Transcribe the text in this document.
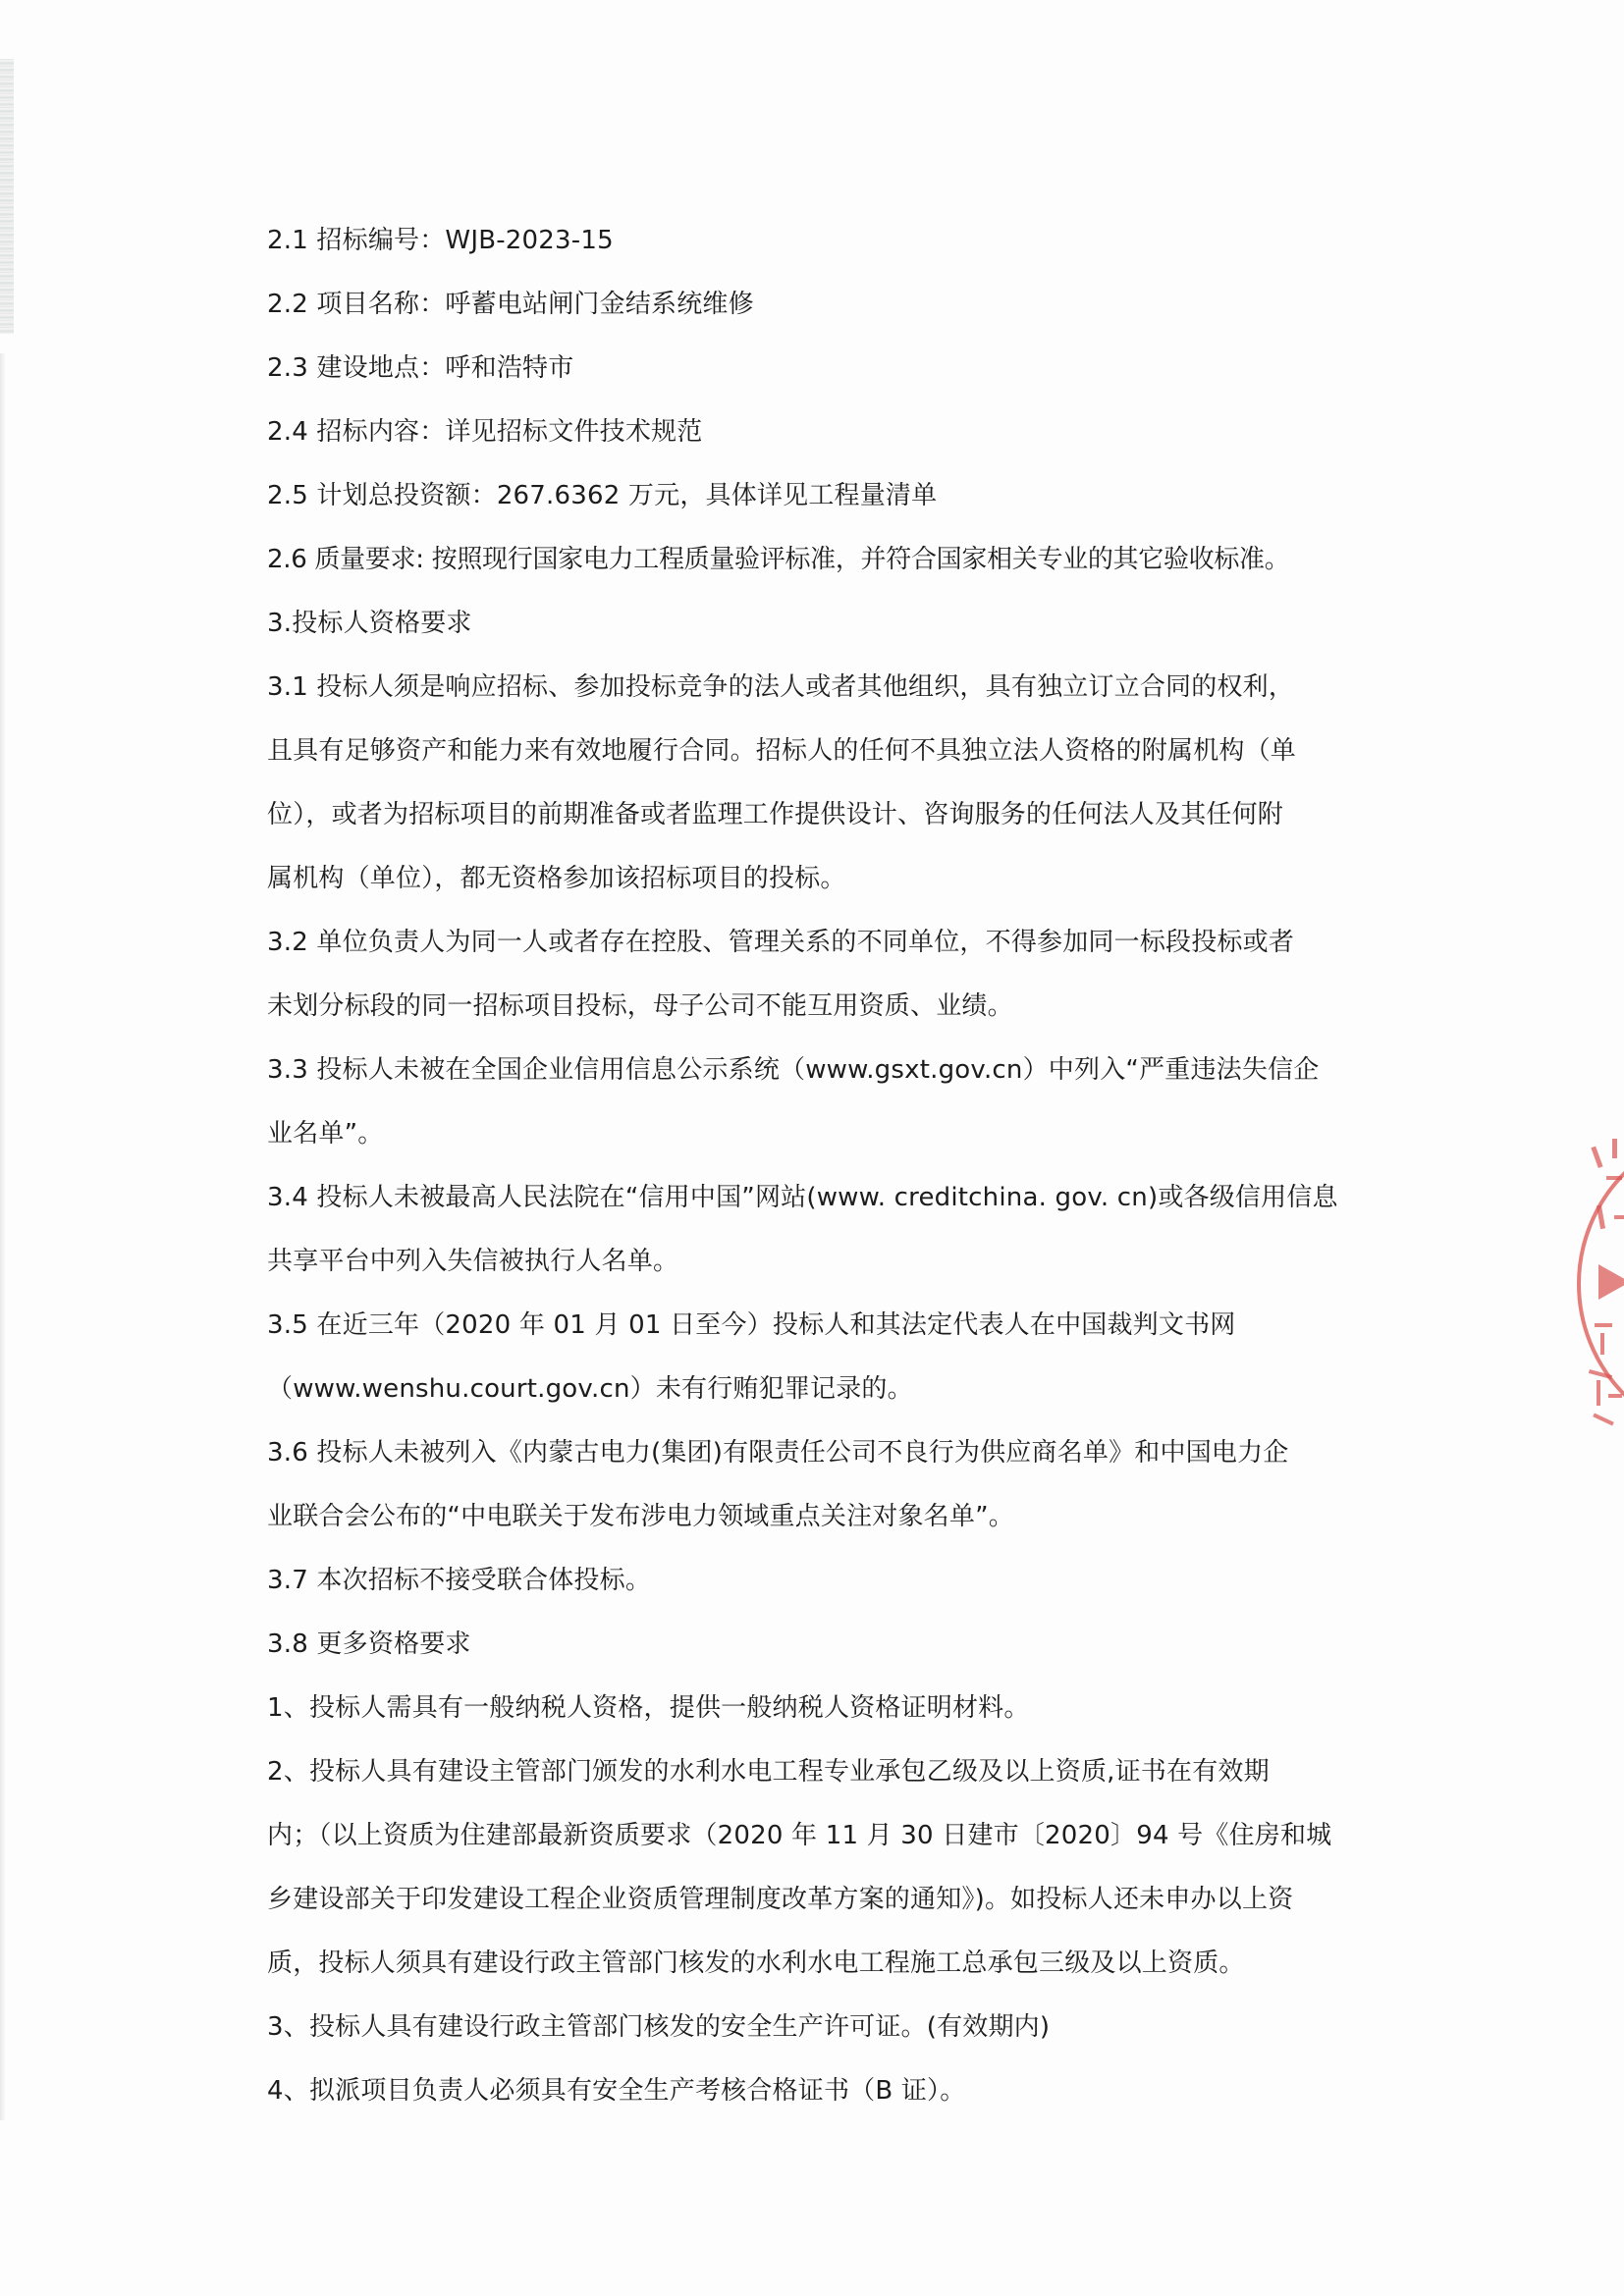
2.1 招标编号：WJB-2023-15
2.2 项目名称：呼蓄电站闸门金结系统维修
2.3 建设地点：呼和浩特市
2.4 招标内容：详见招标文件技术规范
2.5 计划总投资额：267.6362 万元，具体详见工程量清单
2.6 质量要求: 按照现行国家电力工程质量验评标准，并符合国家相关专业的其它验收标准。
3.投标人资格要求
3.1 投标人须是响应招标、参加投标竞争的法人或者其他组织，具有独立订立合同的权利，
且具有足够资产和能力来有效地履行合同。招标人的任何不具独立法人资格的附属机构（单
位），或者为招标项目的前期准备或者监理工作提供设计、咨询服务的任何法人及其任何附
属机构（单位），都无资格参加该招标项目的投标。
3.2 单位负责人为同一人或者存在控股、管理关系的不同单位，不得参加同一标段投标或者
未划分标段的同一招标项目投标，母子公司不能互用资质、业绩。
3.3 投标人未被在全国企业信用信息公示系统（www.gsxt.gov.cn）中列入“严重违法失信企
业名单”。
3.4 投标人未被最高人民法院在“信用中国”网站(www. creditchina. gov. cn)或各级信用信息
共享平台中列入失信被执行人名单。
3.5 在近三年（2020 年 01 月 01 日至今）投标人和其法定代表人在中国裁判文书网
（www.wenshu.court.gov.cn）未有行贿犯罪记录的。
3.6 投标人未被列入《内蒙古电力(集团)有限责任公司不良行为供应商名单》和中国电力企
业联合会公布的“中电联关于发布涉电力领域重点关注对象名单”。
3.7 本次招标不接受联合体投标。
3.8 更多资格要求
1、投标人需具有一般纳税人资格，提供一般纳税人资格证明材料。
2、投标人具有建设主管部门颁发的水利水电工程专业承包乙级及以上资质,证书在有效期
内；（以上资质为住建部最新资质要求（2020 年 11 月 30 日建市〔2020〕94 号《住房和城
乡建设部关于印发建设工程企业资质管理制度改革方案的通知》)。如投标人还未申办以上资
质，投标人须具有建设行政主管部门核发的水利水电工程施工总承包三级及以上资质。
3、投标人具有建设行政主管部门核发的安全生产许可证。(有效期内)
4、拟派项目负责人必须具有安全生产考核合格证书（B 证）。
